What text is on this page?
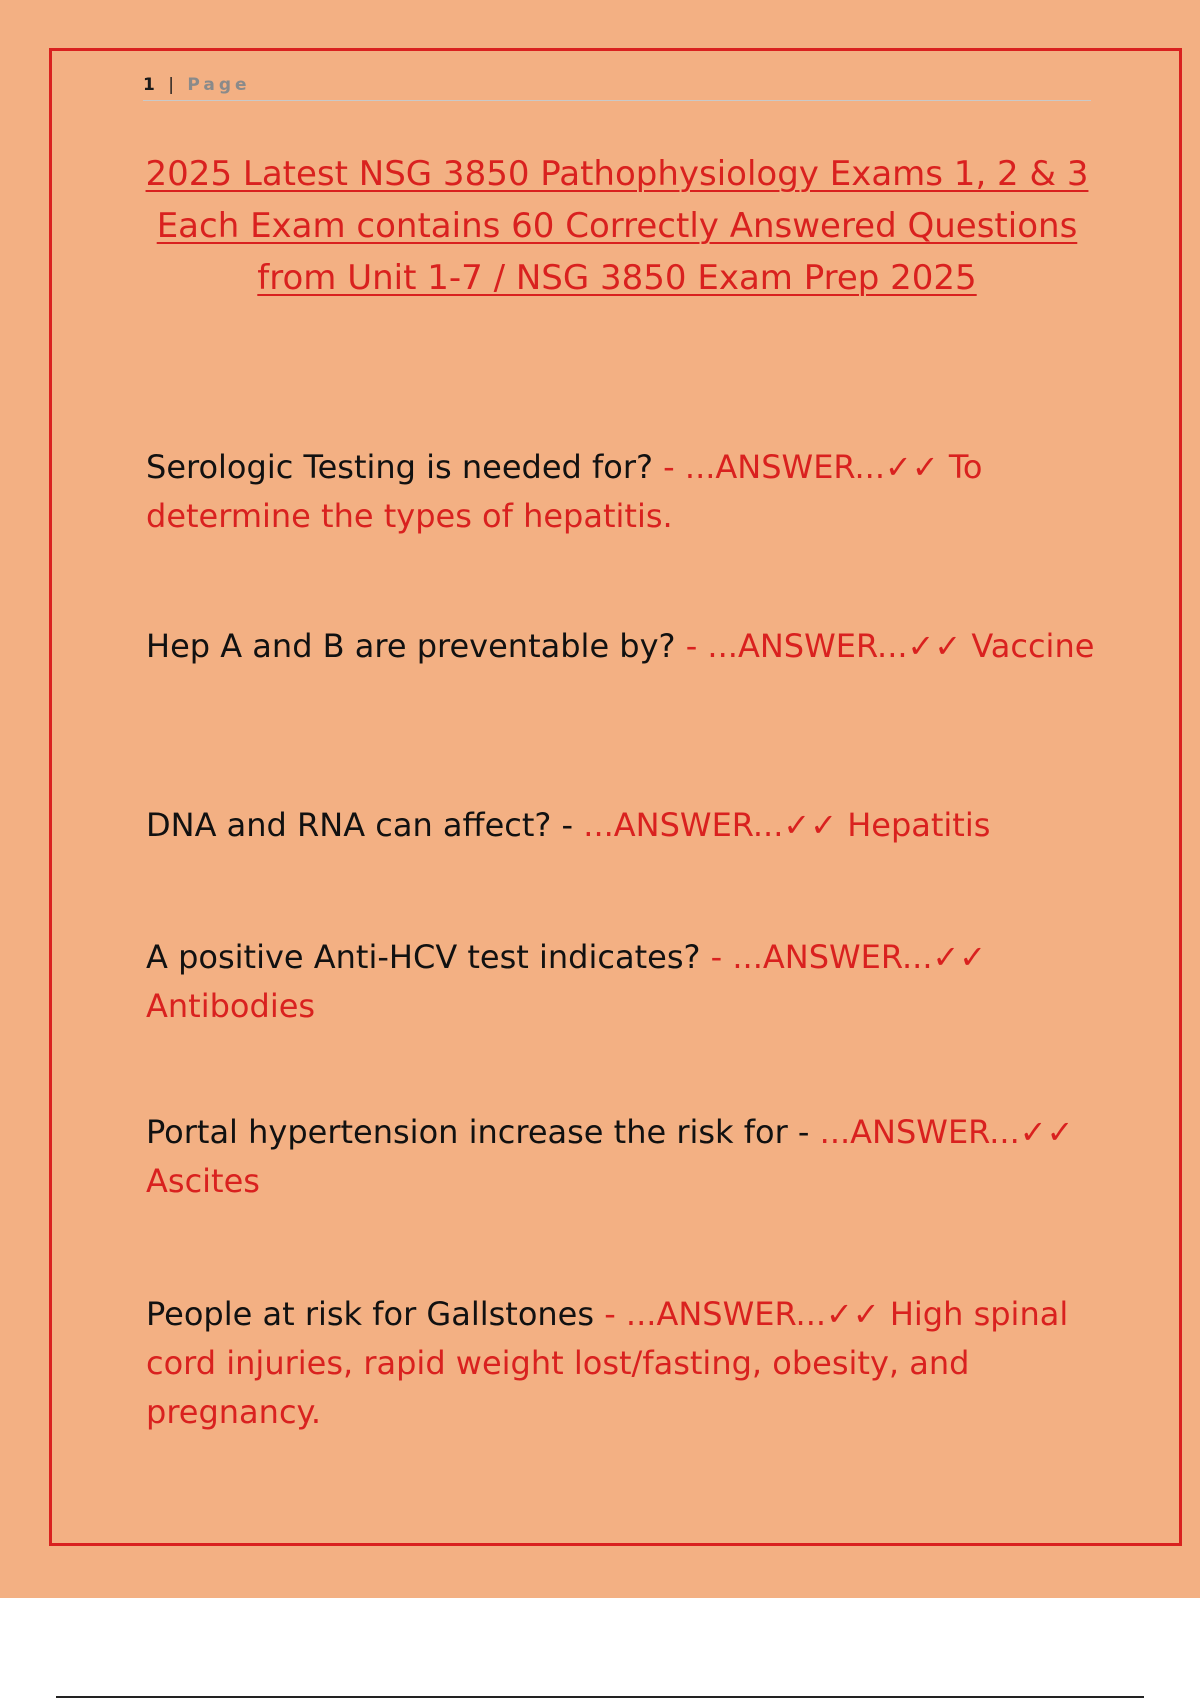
1 | Page
2025 Latest NSG 3850 Pathophysiology Exams 1, 2 & 3 Each Exam contains 60 Correctly Answered Questions from Unit 1-7 / NSG 3850 Exam Prep 2025
Serologic Testing is needed for? - ...ANSWER...✓✓ To determine the types of hepatitis.
Hep A and B are preventable by? - ...ANSWER...✓✓ Vaccine
DNA and RNA can affect? - ...ANSWER...✓✓ Hepatitis
A positive Anti-HCV test indicates? - ...ANSWER...✓✓ Antibodies
Portal hypertension increase the risk for - ...ANSWER...✓✓ Ascites
People at risk for Gallstones - ...ANSWER...✓✓ High spinal cord injuries, rapid weight lost/fasting, obesity, and pregnancy.
